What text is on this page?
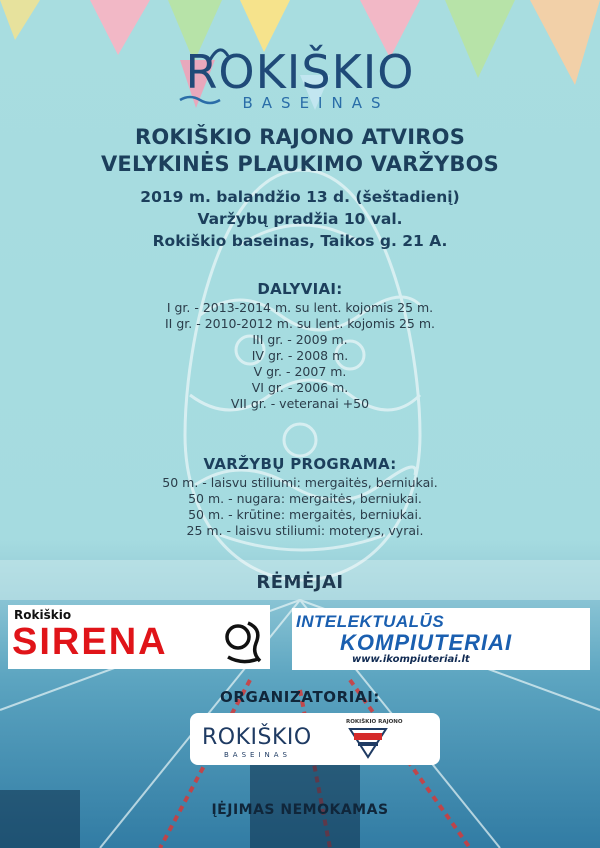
ROKIŠKIO
BASEINAS
ROKIŠKIO RAJONO ATVIROS
VELYKINĖS PLAUKIMO VARŽYBOS
2019 m. balandžio 13 d. (šeštadienį)
Varžybų pradžia 10 val.
Rokiškio baseinas, Taikos g. 21 A.
DALYVIAI:
I gr. - 2013-2014 m. su lent. kojomis 25 m.
II gr. - 2010-2012 m. su lent. kojomis 25 m.
III gr. - 2009 m.
IV gr. - 2008 m.
V gr. - 2007 m.
VI gr. - 2006 m.
VII gr. - veteranai +50
VARŽYBŲ PROGRAMA:
50 m. - laisvu stiliumi: mergaitės, berniukai.
50 m. - nugara: mergaitės, berniukai.
50 m. - krūtine: mergaitės, berniukai.
25 m. - laisvu stiliumi: moterys, vyrai.
RĖMĖJAI
Rokiškio
SIRENA	INTELEKTUALŪS
KOMPIUTERIAI
www.ikompiuteriai.lt
ORGANIZATORIAI:
ROKIŠKIO
BASEINAS
ROKIŠKIO RAJONO
ĮĖJIMAS NEMOKAMAS
